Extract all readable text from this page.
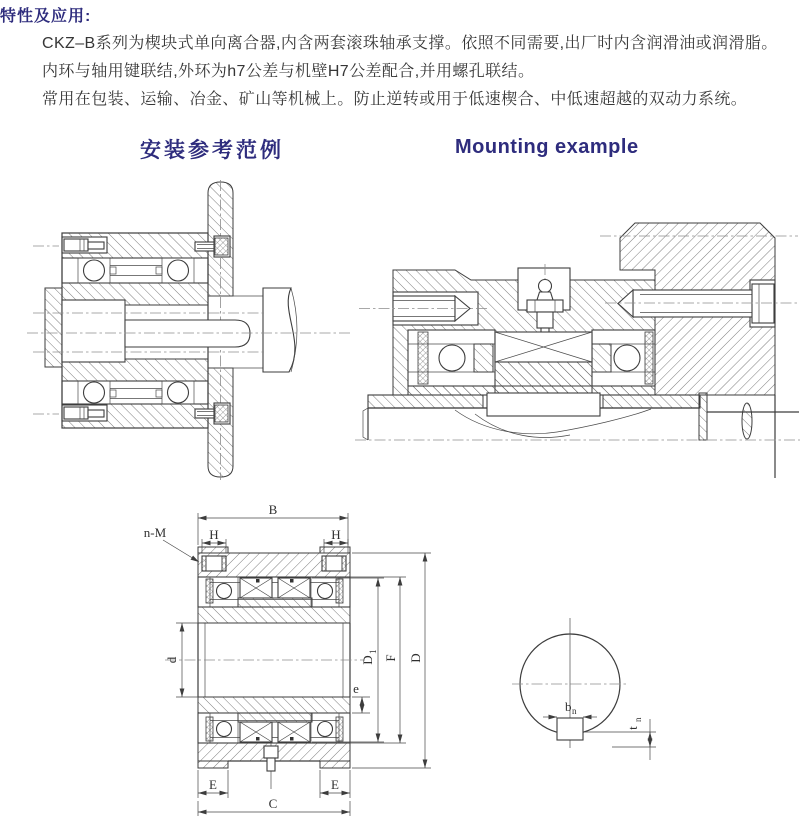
特性及应用:
CKZ–B系列为楔块式单向离合器,内含两套滚珠轴承支撑。依照不同需要,出厂时内含润滑油或润滑脂。
内环与轴用键联结,外环为h7公差与机壁H7公差配合,并用螺孔联结。
常用在包装、运输、冶金、矿山等机械上。防止逆转或用于低速楔合、中低速超越的双动力系统。
安装参考范例	Mounting example
B
H	H
n-M
d
e
D
1
F D
E	E
C
b n
t
n
